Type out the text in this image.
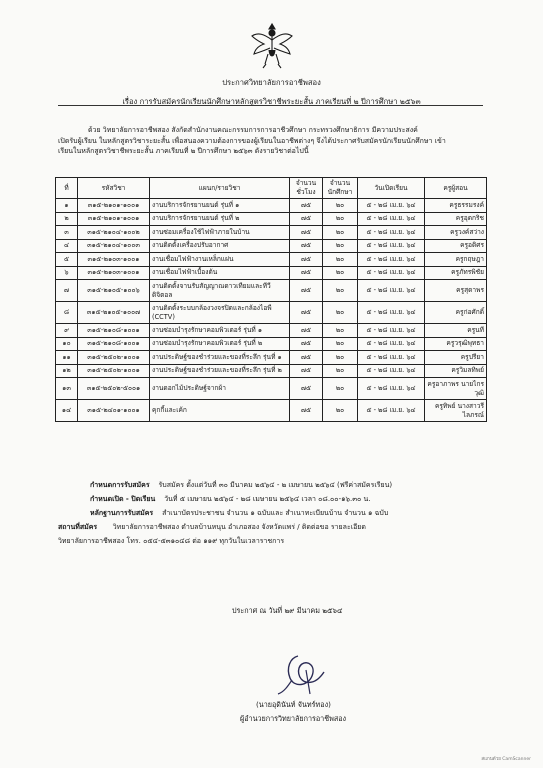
ประกาศวิทยาลัยการอาชีพสอง
เรื่อง การรับสมัครนักเรียนนักศึกษาหลักสูตรวิชาชีพระยะสั้น ภาคเรียนที่ ๒ ปีการศึกษา ๒๕๖๓
ด้วย วิทยาลัยการอาชีพสอง สังกัดสำนักงานคณะกรรมการการอาชีวศึกษา กระทรวงศึกษาธิการ มีความประสงค์
เปิดรับผู้เรียน ในหลักสูตรวิชาระยะสั้น เพื่อสนองความต้องการของผู้เรียนในอาชีพต่างๆ จึงได้ประกาศรับสมัครนักเรียนนักศึกษา เข้า
เรียนในหลักสูตรวิชาชีพระยะสั้น ภาคเรียนที่ ๒ ปีการศึกษา ๒๕๖๓ ดังรายวิชาต่อไปนี้
ที่	รหัสวิชา	แผนก/รายวิชา	จำนวน ชั่วโมง	จำนวน นักศึกษา	วันเปิดเรียน	ครูผู้สอน
๑	๓๑๕-๒๑๐๑-๑๐๐๑	งานบริการจักรยานยนต์ รุ่นที่ ๑	๗๕	๒๐	๕ - ๒๘ เม.ย. ๖๔	ครูธรรมรงค์
๒	๓๑๕-๒๑๐๑-๑๐๐๑	งานบริการจักรยานยนต์ รุ่นที่ ๒	๗๕	๒๐	๕ - ๒๘ เม.ย. ๖๔	ครูอุดกริช
๓	๓๑๕-๒๑๐๔-๑๐๐๒	งานซ่อมเครื่องใช้ไฟฟ้าภายในบ้าน	๗๕	๒๐	๕ - ๒๘ เม.ย. ๖๔	ครูวงค์สว่าง
๔	๓๑๕-๒๑๐๔-๑๐๐๓	งานติดตั้งเครื่องปรับอากาศ	๗๕	๒๐	๕ - ๒๘ เม.ย. ๖๔	ครูอดิศร
๕	๓๑๕-๒๑๐๓-๑๐๐๑	งานเชื่อมไฟฟ้างานเหล็กแผ่น	๗๕	๒๐	๕ - ๒๘ เม.ย. ๖๔	ครูกฤษฎา
๖	๓๑๕-๒๑๐๓-๑๐๐๑	งานเชื่อมไฟฟ้าเบื้องต้น	๗๕	๒๐	๕ - ๒๘ เม.ย. ๖๔	ครูภัทรพิชัย
๗	๓๑๕-๒๑๐๕-๑๐๐๖	งานติดตั้งจานรับสัญญาณดาวเทียมและทีวีดิจิตอล	๗๕	๒๐	๕ - ๒๘ เม.ย. ๖๔	ครูสุดาพร
๘	๓๑๕-๒๑๐๕-๑๐๐๗	งานติดตั้งระบบกล้องวงจรปิดและกล้องไอพี (CCTV)	๗๕	๒๐	๕ - ๒๘ เม.ย. ๖๔	ครูก่อศักดิ์
๙	๓๑๕-๒๑๐๘-๑๐๐๑	งานซ่อมบำรุงรักษาคอมพิวเตอร์ รุ่นที่ ๑	๗๕	๒๐	๕ - ๒๘ เม.ย. ๖๔	ครูนที
๑๐	๓๑๕-๒๑๐๘-๑๐๐๑	งานซ่อมบำรุงรักษาคอมพิวเตอร์ รุ่นที่ ๒	๗๕	๒๐	๕ - ๒๘ เม.ย. ๖๔	ครูวรุฒิพุทธา
๑๑	๓๑๕-๒๕๐๒-๑๐๐๑	งานประดิษฐ์ของชำร่วยและของที่ระลึก รุ่นที่ ๑	๗๕	๒๐	๕ - ๒๘ เม.ย. ๖๔	ครูปรียา
๑๒	๓๑๕-๒๕๐๒-๑๐๐๑	งานประดิษฐ์ของชำร่วยและของที่ระลึก รุ่นที่ ๒	๗๕	๒๐	๕ - ๒๘ เม.ย. ๖๔	ครูวิมลทิพย์
๑๓	๓๑๕-๒๕๐๒-๕๐๐๑	งานดอกไม้ประดิษฐ์จากผ้า	๗๕	๒๐	๕ - ๒๘ เม.ย. ๖๔	ครูอาภาพร นายไกรวุฒิ
๑๔	๓๑๕-๒๔๐๑-๑๐๐๑	คุกกี้และเค้ก	๗๕	๒๐	๕ - ๒๘ เม.ย. ๖๔	ครูทิพย์ นางสาวรีไลภรณ์
กำหนดการรับสมัคร รับสมัคร ตั้งแต่วันที่ ๓๐ มีนาคม ๒๕๖๔ - ๒ เมษายน ๒๕๖๔ (ฟรีค่าสมัครเรียน)
กำหนดเปิด - ปิดเรียน วันที่ ๕ เมษายน ๒๕๖๔ - ๒๘ เมษายน ๒๕๖๔ เวลา ๐๘.๐๐-๑๖.๓๐ น.
หลักฐานการรับสมัคร สำเนาบัตรประชาชน จำนวน ๑ ฉบับและ สำเนาทะเบียนบ้าน จำนวน ๑ ฉบับ
สถานที่สมัคร วิทยาลัยการอาชีพสอง ตำบลบ้านหนุน อำเภอสอง จังหวัดแพร่ / ติดต่อขอ รายละเอียด
วิทยาลัยการอาชีพสอง โทร. ๐๕๔-๕๓๑๐๔๘ ต่อ ๑๑๙ ทุกวันในเวลาราชการ
ประกาศ ณ วันที่ ๒๙ มีนาคม ๒๕๖๔
(นายอุดินันท์ จันทร์ทอง)
ผู้อำนวยการวิทยาลัยการอาชีพสอง
สแกนด้วย CamScanner
